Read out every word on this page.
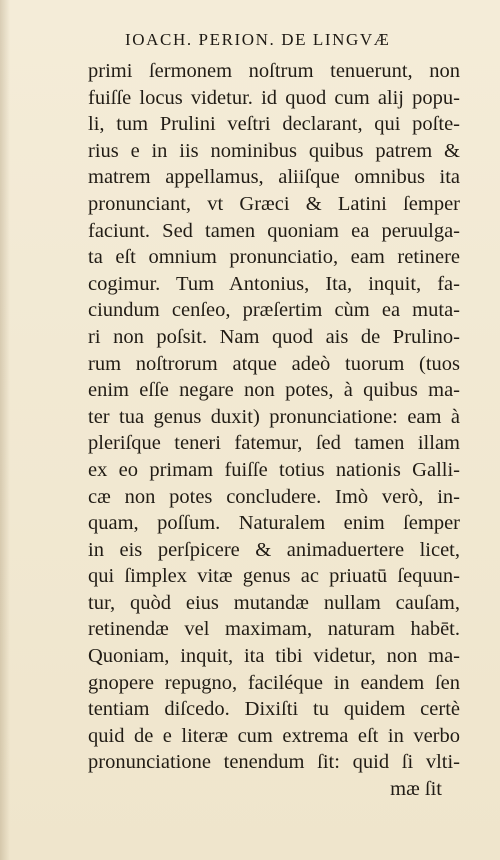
IOACH. PERION. DE LINGVÆ
primi ſermonem noſtrum tenuerunt, non
fuiſſe locus videtur. id quod cum alij popu-
li, tum Prulini veſtri declarant, qui poſte-
rius e in iis nominibus quibus patrem &
matrem appellamus, aliiſque omnibus ita
pronunciant, vt Græci & Latini ſemper
faciunt. Sed tamen quoniam ea peruulga-
ta eſt omnium pronunciatio, eam retinere
cogimur. Tum Antonius, Ita, inquit, fa-
ciundum cenſeo, præſertim cùm ea muta-
ri non poſsit. Nam quod ais de Prulino-
rum noſtrorum atque adeò tuorum (tuos
enim eſſe negare non potes, à quibus ma-
ter tua genus duxit) pronunciatione: eam à
pleriſque teneri fatemur, ſed tamen illam
ex eo primam fuiſſe totius nationis Galli-
cæ non potes concludere. Imò verò, in-
quam, poſſum. Naturalem enim ſemper
in eis perſpicere & animaduertere licet,
qui ſimplex vitæ genus ac priuatū ſequun-
tur, quòd eius mutandæ nullam cauſam,
retinendæ vel maximam, naturam habēt.
Quoniam, inquit, ita tibi videtur, non ma-
gnopere repugno, faciléque in eandem ſen
tentiam diſcedo. Dixiſti tu quidem certè
quid de e literæ cum extrema eſt in verbo
pronunciatione tenendum ſit: quid ſi vlti-
mæ ſit
